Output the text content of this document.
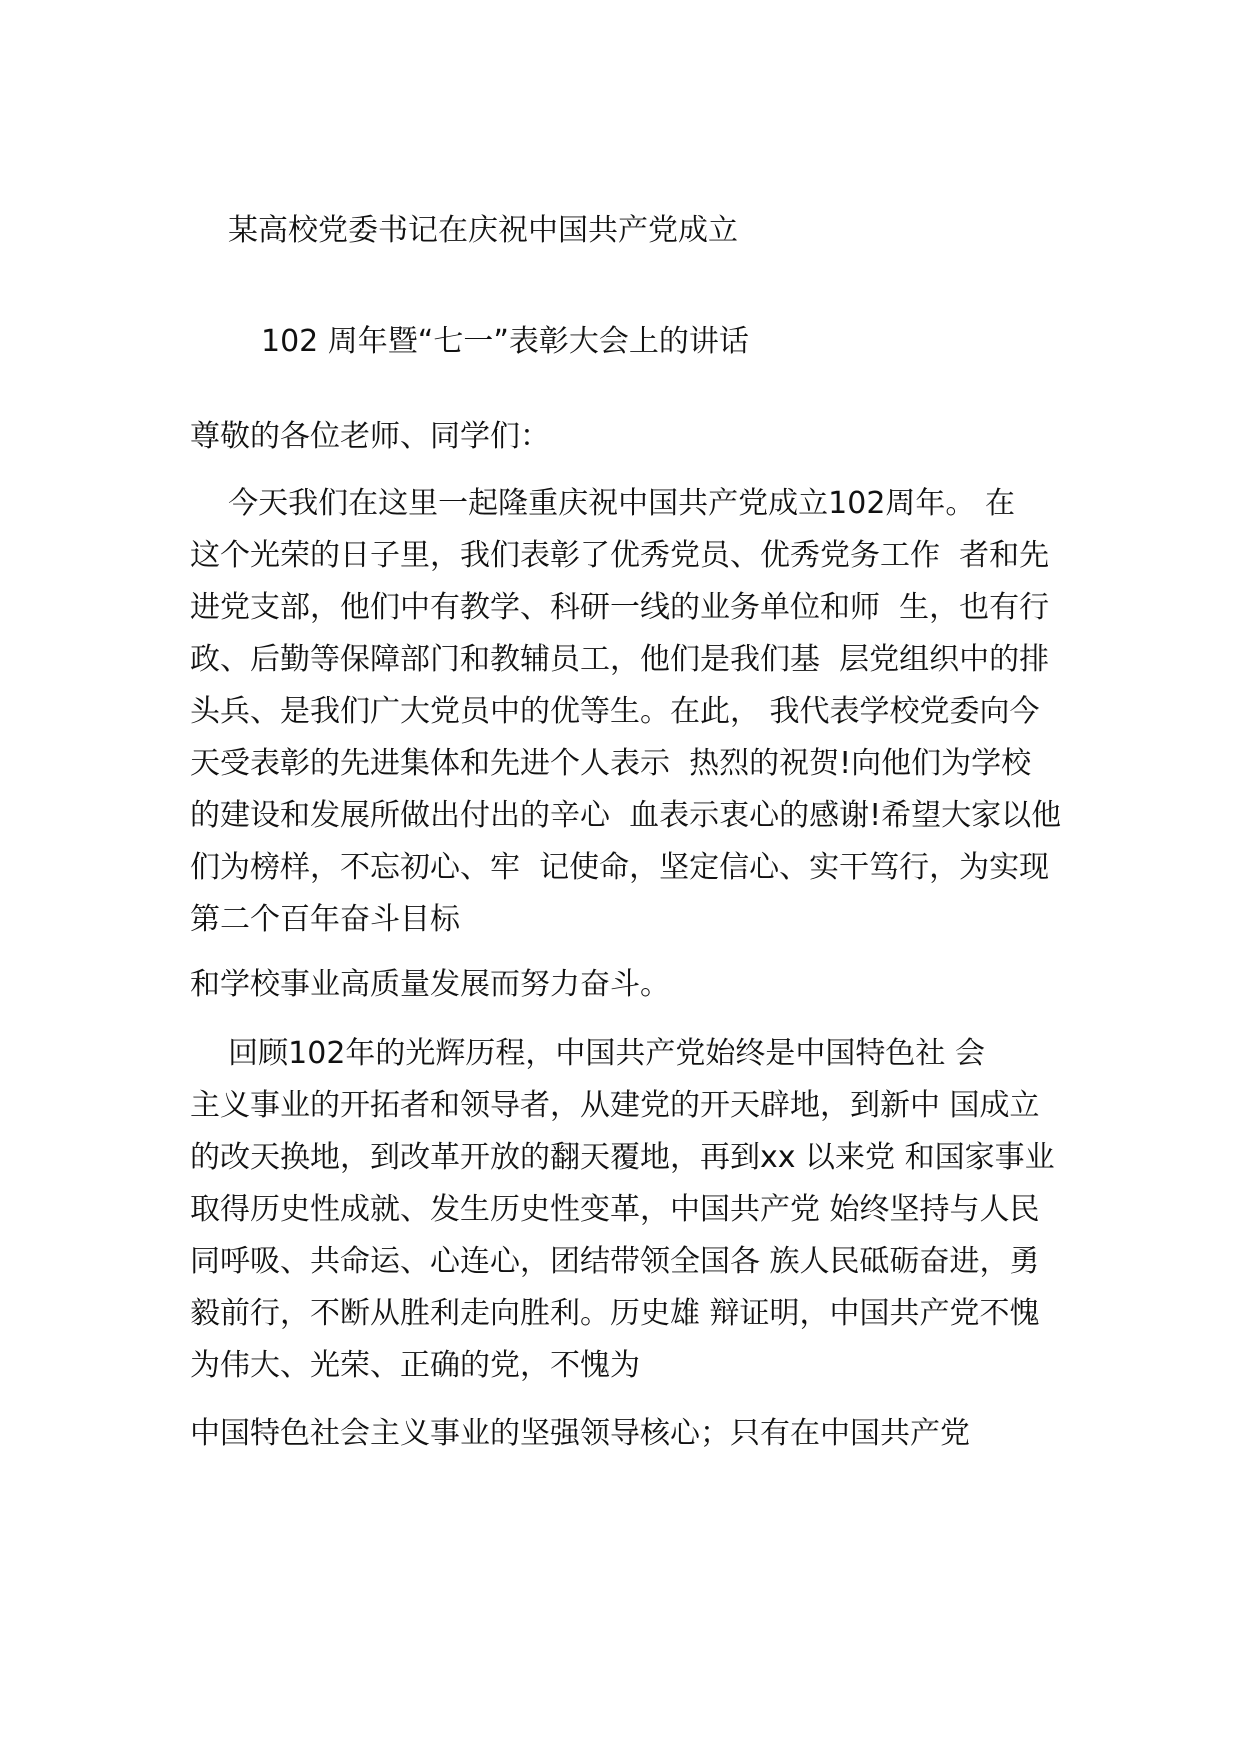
某高校党委书记在庆祝中国共产党成立
102 周年暨“七一”表彰大会上的讲话
尊敬的各位老师、同学们：
今天我们在这里一起隆重庆祝中国共产党成立102周年。 在
这个光荣的日子里，我们表彰了优秀党员、优秀党务工作  者和先
进党支部，他们中有教学、科研一线的业务单位和师  生，也有行
政、后勤等保障部门和教辅员工，他们是我们基  层党组织中的排
头兵、是我们广大党员中的优等生。在此， 我代表学校党委向今
天受表彰的先进集体和先进个人表示  热烈的祝贺!向他们为学校
的建设和发展所做出付出的辛心  血表示衷心的感谢!希望大家以他
们为榜样，不忘初心、牢  记使命，坚定信心、实干笃行，为实现
第二个百年奋斗目标
和学校事业高质量发展而努力奋斗。
回顾102年的光辉历程，中国共产党始终是中国特色社 会
主义事业的开拓者和领导者，从建党的开天辟地，到新中 国成立
的改天换地，到改革开放的翻天覆地，再到xx 以来党 和国家事业
取得历史性成就、发生历史性变革，中国共产党 始终坚持与人民
同呼吸、共命运、心连心，团结带领全国各 族人民砥砺奋进，勇
毅前行，不断从胜利走向胜利。历史雄 辩证明，中国共产党不愧
为伟大、光荣、正确的党，不愧为
中国特色社会主义事业的坚强领导核心；只有在中国共产党
